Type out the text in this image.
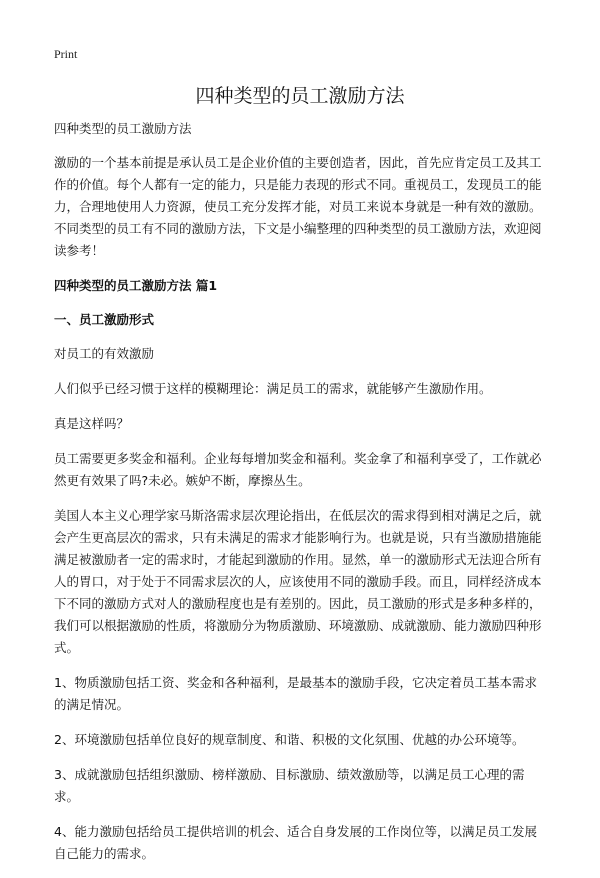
Print
四种类型的员工激励方法

四种类型的员工激励方法

激励的一个基本前提是承认员工是企业价值的主要创造者，因此，首先应肯定员工及其工作的价值。每个人都有一定的能力，只是能力表现的形式不同。重视员工，发现员工的能力，合理地使用人力资源，使员工充分发挥才能，对员工来说本身就是一种有效的激励。不同类型的员工有不同的激励方法，下文是小编整理的四种类型的员工激励方法，欢迎阅读参考！

四种类型的员工激励方法 篇1

一、员工激励形式

对员工的有效激励

人们似乎已经习惯于这样的模糊理论：满足员工的需求，就能够产生激励作用。

真是这样吗？

员工需要更多奖金和福利。企业每每增加奖金和福利。奖金拿了和福利享受了，工作就必然更有效果了吗?未必。嫉妒不断，摩擦丛生。

美国人本主义心理学家马斯洛需求层次理论指出，在低层次的需求得到相对满足之后，就会产生更高层次的需求，只有未满足的需求才能影响行为。也就是说，只有当激励措施能满足被激励者一定的需求时，才能起到激励的作用。显然，单一的激励形式无法迎合所有人的胃口，对于处于不同需求层次的人，应该使用不同的激励手段。而且，同样经济成本下不同的激励方式对人的激励程度也是有差别的。因此，员工激励的形式是多种多样的，我们可以根据激励的性质，将激励分为物质激励、环境激励、成就激励、能力激励四种形式。

1、物质激励包括工资、奖金和各种福利，是最基本的激励手段，它决定着员工基本需求的满足情况。

2、环境激励包括单位良好的规章制度、和谐、积极的文化氛围、优越的办公环境等。

3、成就激励包括组织激励、榜样激励、目标激励、绩效激励等，以满足员工心理的需求。

4、能力激励包括给员工提供培训的机会、适合自身发展的工作岗位等，以满足员工发展自己能力的需求。
